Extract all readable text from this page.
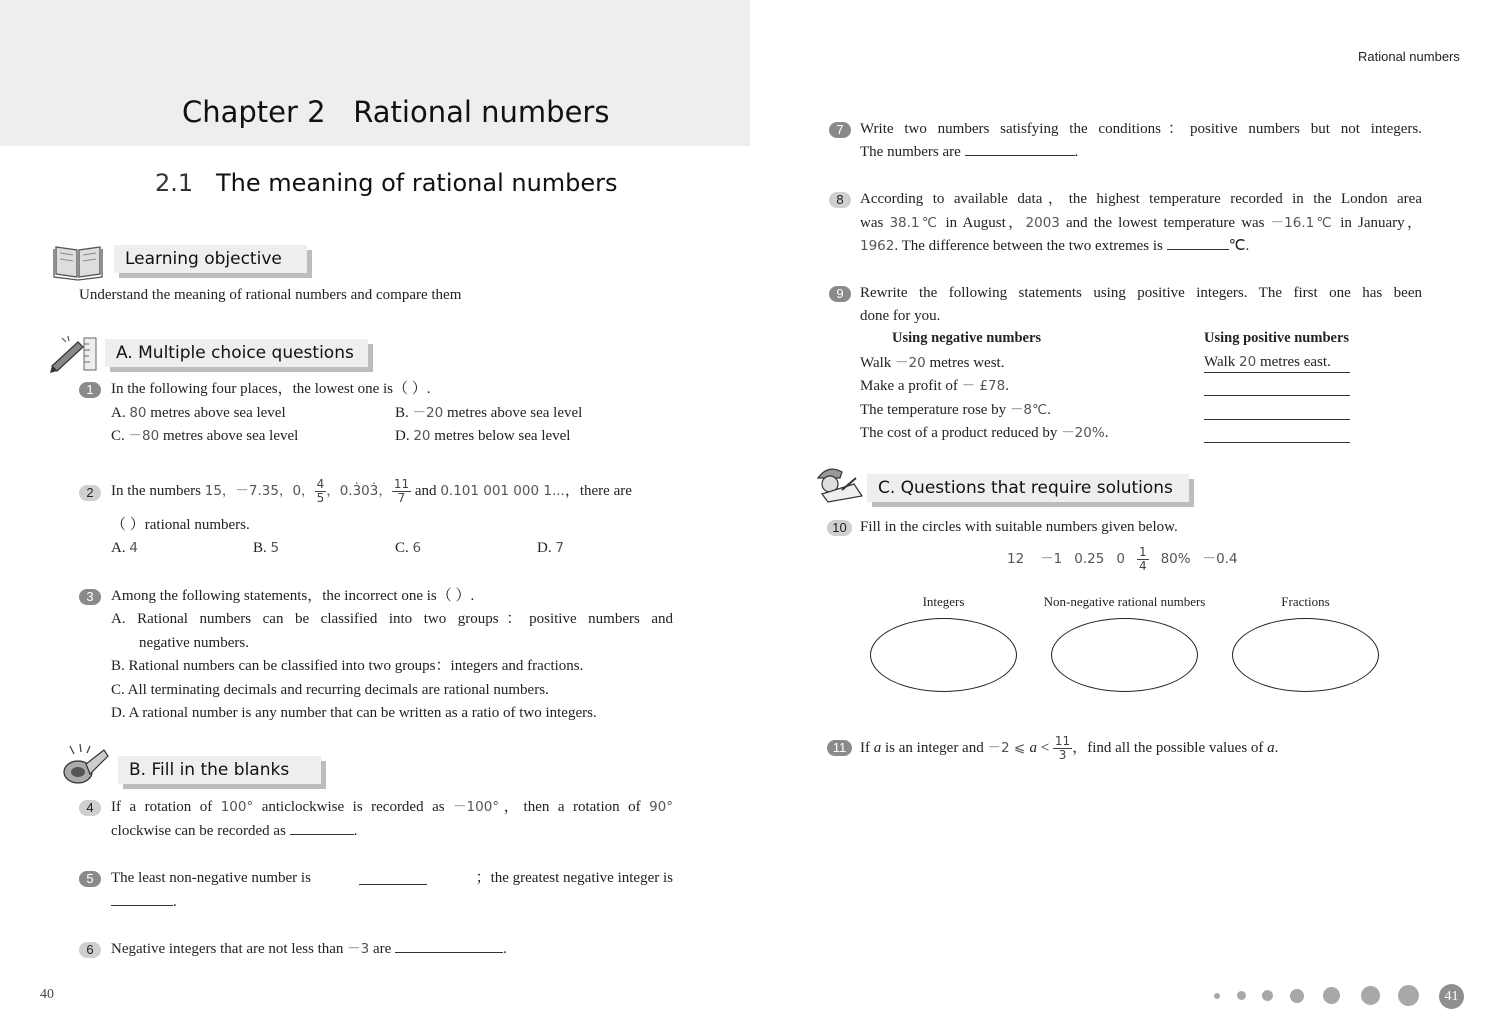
Chapter 2   Rational numbers
2.1 The meaning of rational numbers
Rational numbers
Learning objective
Understand the meaning of rational numbers and compare them
A. Multiple choice questions
1	In the following four places，the lowest one is（ ）.
A. 80 metres above sea level	B. －20 metres above sea level
C. －80 metres above sea level	D. 20 metres below sea level
2	In the numbers 15，－7.35，0， $\frac{4}{5}$ ，0.3̇03̇， $\frac{11}{7}$ and 0.101 001 000 1...，there are
（ ）rational numbers.
A. 4	B. 5	C. 6	D. 7
3	Among the following statements，the incorrect one is（ ）.
A. Rational numbers can be classified into two groups：positive numbers and
negative numbers.
B. Rational numbers can be classified into two groups：integers and fractions.
C. All terminating decimals and recurring decimals are rational numbers.
D. A rational number is any number that can be written as a ratio of two integers.
B. Fill in the blanks
4	If a rotation of 100° anticlockwise is recorded as －100°，then a rotation of 90°
clockwise can be recorded as	.
5	The least non-negative number is	；the greatest negative integer is
.
6	Negative integers that are not less than －3 are	.
40
7	Write two numbers satisfying the conditions：positive numbers but not integers.
The numbers are	.
8	According to available data，the highest temperature recorded in the London area
was 38.1℃ in August，2003 and the lowest temperature was －16.1℃ in January，
1962. The difference between the two extremes is	℃.
9	Rewrite the following statements using positive integers. The first one has been
done for you.
Using negative numbers	Using positive numbers
Walk －20 metres west.	Walk 20 metres east.
Make a profit of － £78.
The temperature rose by －8℃.
The cost of a product reduced by －20%.
C. Questions that require solutions
10 Fill in the circles with suitable numbers given below.
12 －1 0.25 $0 \frac{1}{4} 80\% -0.4$
Integers	Non-negative rational numbers	Fractions
11 If a is an integer and －2 ⩽ $a < \frac{11}{3}$ ，find all the possible values of a.
41
